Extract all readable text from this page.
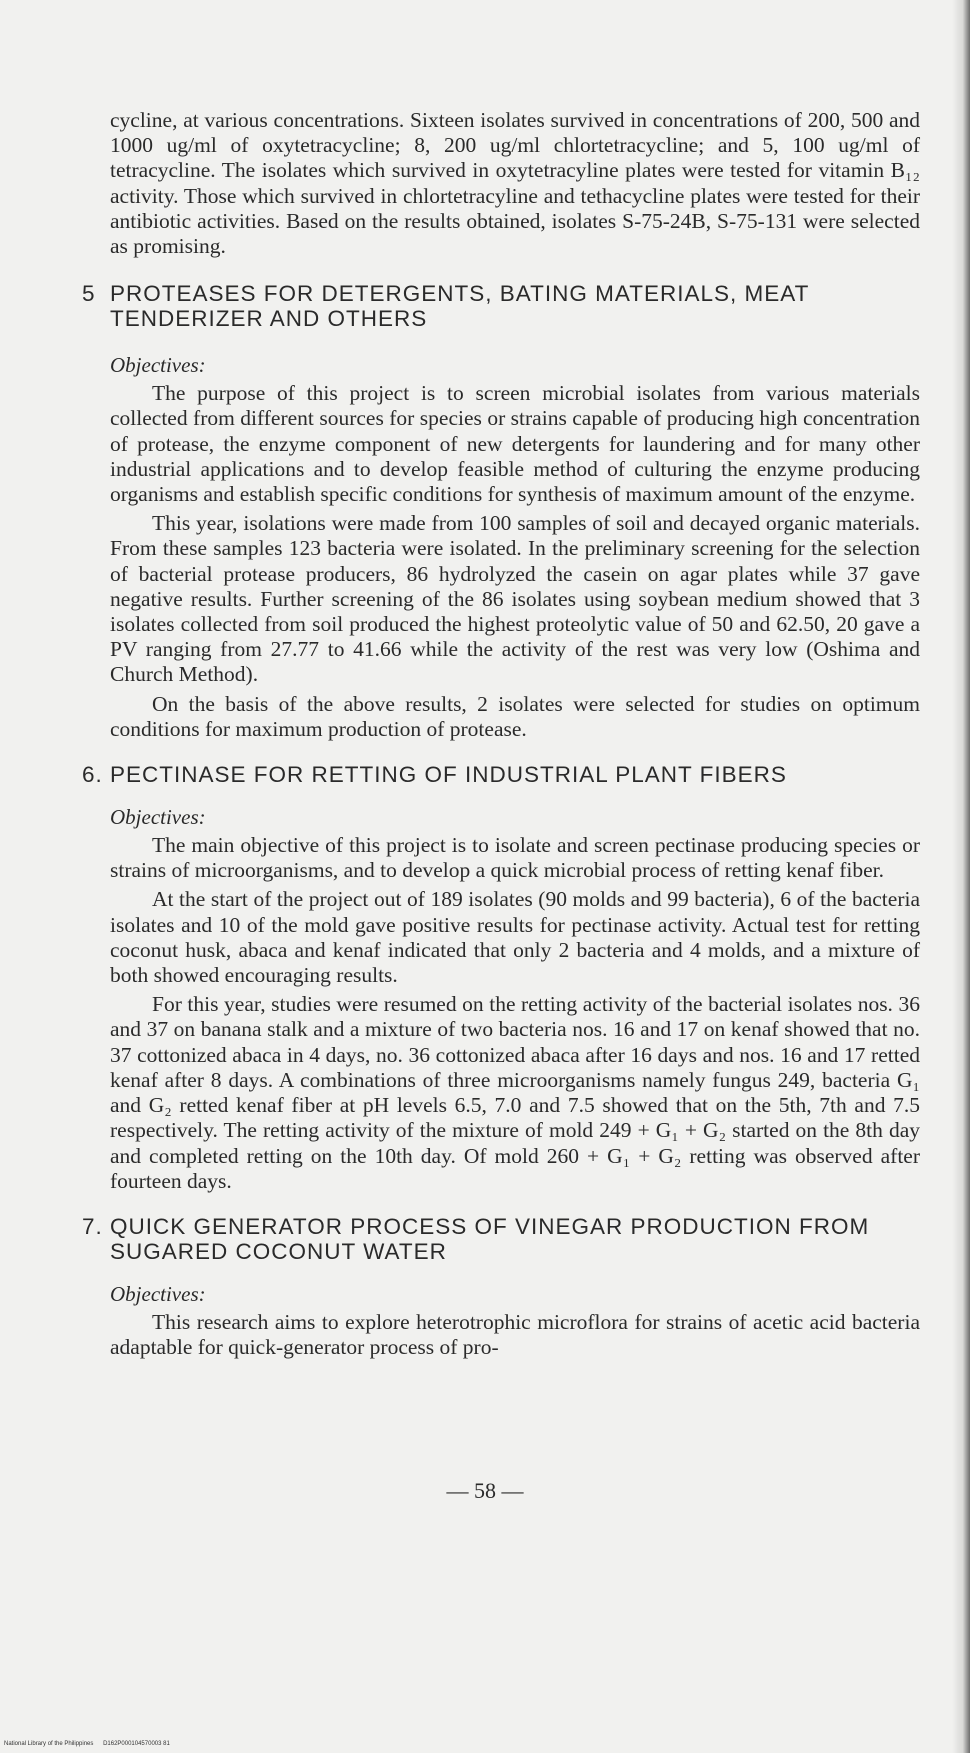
cycline, at various concentrations. Sixteen isolates survived in concentrations of 200, 500 and 1000 ug/ml of oxytetracycline; 8, 200 ug/ml chlortetracycline; and 5, 100 ug/ml of tetracycline. The isolates which survived in oxytetracyline plates were tested for vitamin B₁₂ activity. Those which survived in chlortetracyline and tethacycline plates were tested for their antibiotic activities. Based on the results obtained, isolates S-75-24B, S-75-131 were selected as promising.

5 PROTEASES FOR DETERGENTS, BATING MATERIALS, MEAT TENDERIZER AND OTHERS
Objectives:

The purpose of this project is to screen microbial isolates from various materials collected from different sources for species or strains capable of producing high concentration of protease, the enzyme component of new detergents for laundering and for many other industrial applications and to develop feasible method of culturing the enzyme producing organisms and establish specific conditions for synthesis of maximum amount of the enzyme.

This year, isolations were made from 100 samples of soil and decayed organic materials. From these samples 123 bacteria were isolated. In the preliminary screening for the selection of bacterial protease producers, 86 hydrolyzed the casein on agar plates while 37 gave negative results. Further screening of the 86 isolates using soybean medium showed that 3 isolates collected from soil produced the highest proteolytic value of 50 and 62.50, 20 gave a PV ranging from 27.77 to 41.66 while the activity of the rest was very low (Oshima and Church Method).

On the basis of the above results, 2 isolates were selected for studies on optimum conditions for maximum production of protease.

6. PECTINASE FOR RETTING OF INDUSTRIAL PLANT FIBERS
Objectives:

The main objective of this project is to isolate and screen pectinase producing species or strains of microorganisms, and to develop a quick microbial process of retting kenaf fiber.

At the start of the project out of 189 isolates (90 molds and 99 bacteria), 6 of the bacteria isolates and 10 of the mold gave positive results for pectinase activity. Actual test for retting coconut husk, abaca and kenaf indicated that only 2 bacteria and 4 molds, and a mixture of both showed encouraging results.

For this year, studies were resumed on the retting activity of the bacterial isolates nos. 36 and 37 on banana stalk and a mixture of two bacteria nos. 16 and 17 on kenaf showed that no. 37 cottonized abaca in 4 days, no. 36 cottonized abaca after 16 days and nos. 16 and 17 retted kenaf after 8 days. A combinations of three microorganisms namely fungus 249, bacteria G₁ and G₂ retted kenaf fiber at pH levels 6.5, 7.0 and 7.5 showed that on the 5th, 7th and 7.5 respectively. The retting activity of the mixture of mold 249 + G₁ + G₂ started on the 8th day and completed retting on the 10th day. Of mold 260 + G₁ + G₂ retting was observed after fourteen days.

7. QUICK GENERATOR PROCESS OF VINEGAR PRODUCTION FROM SUGARED COCONUT WATER
Objectives:

This research aims to explore heterotrophic microflora for strains of acetic acid bacteria adaptable for quick-generator process of pro-

— 58 —
National Library of the Philippines D162P000104570003 81
